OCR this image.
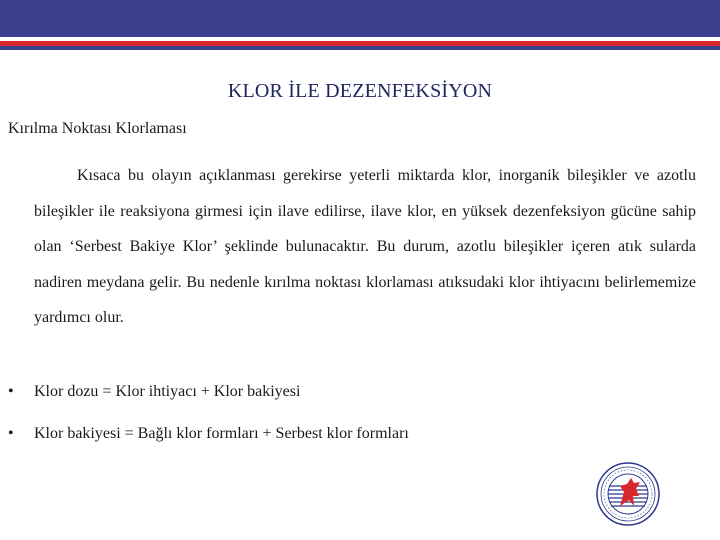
KLOR İLE DEZENFEKSİYON
Kırılma Noktası Klorlaması

Kısaca bu olayın açıklanması gerekirse yeterli miktarda klor, inorganik bileşikler ve azotlu bileşikler ile reaksiyona girmesi için ilave edilirse, ilave klor, en yüksek dezenfeksiyon gücüne sahip olan ‘Serbest Bakiye Klor’ şeklinde bulunacaktır. Bu durum, azotlu bileşikler içeren atık sularda nadiren meydana gelir. Bu nedenle kırılma noktası klorlaması atıksudaki klor ihtiyacını belirlememize yardımcı olur.

• Klor dozu = Klor ihtiyacı + Klor bakiyesi
• Klor bakiyesi = Bağlı klor formları + Serbest klor formları
